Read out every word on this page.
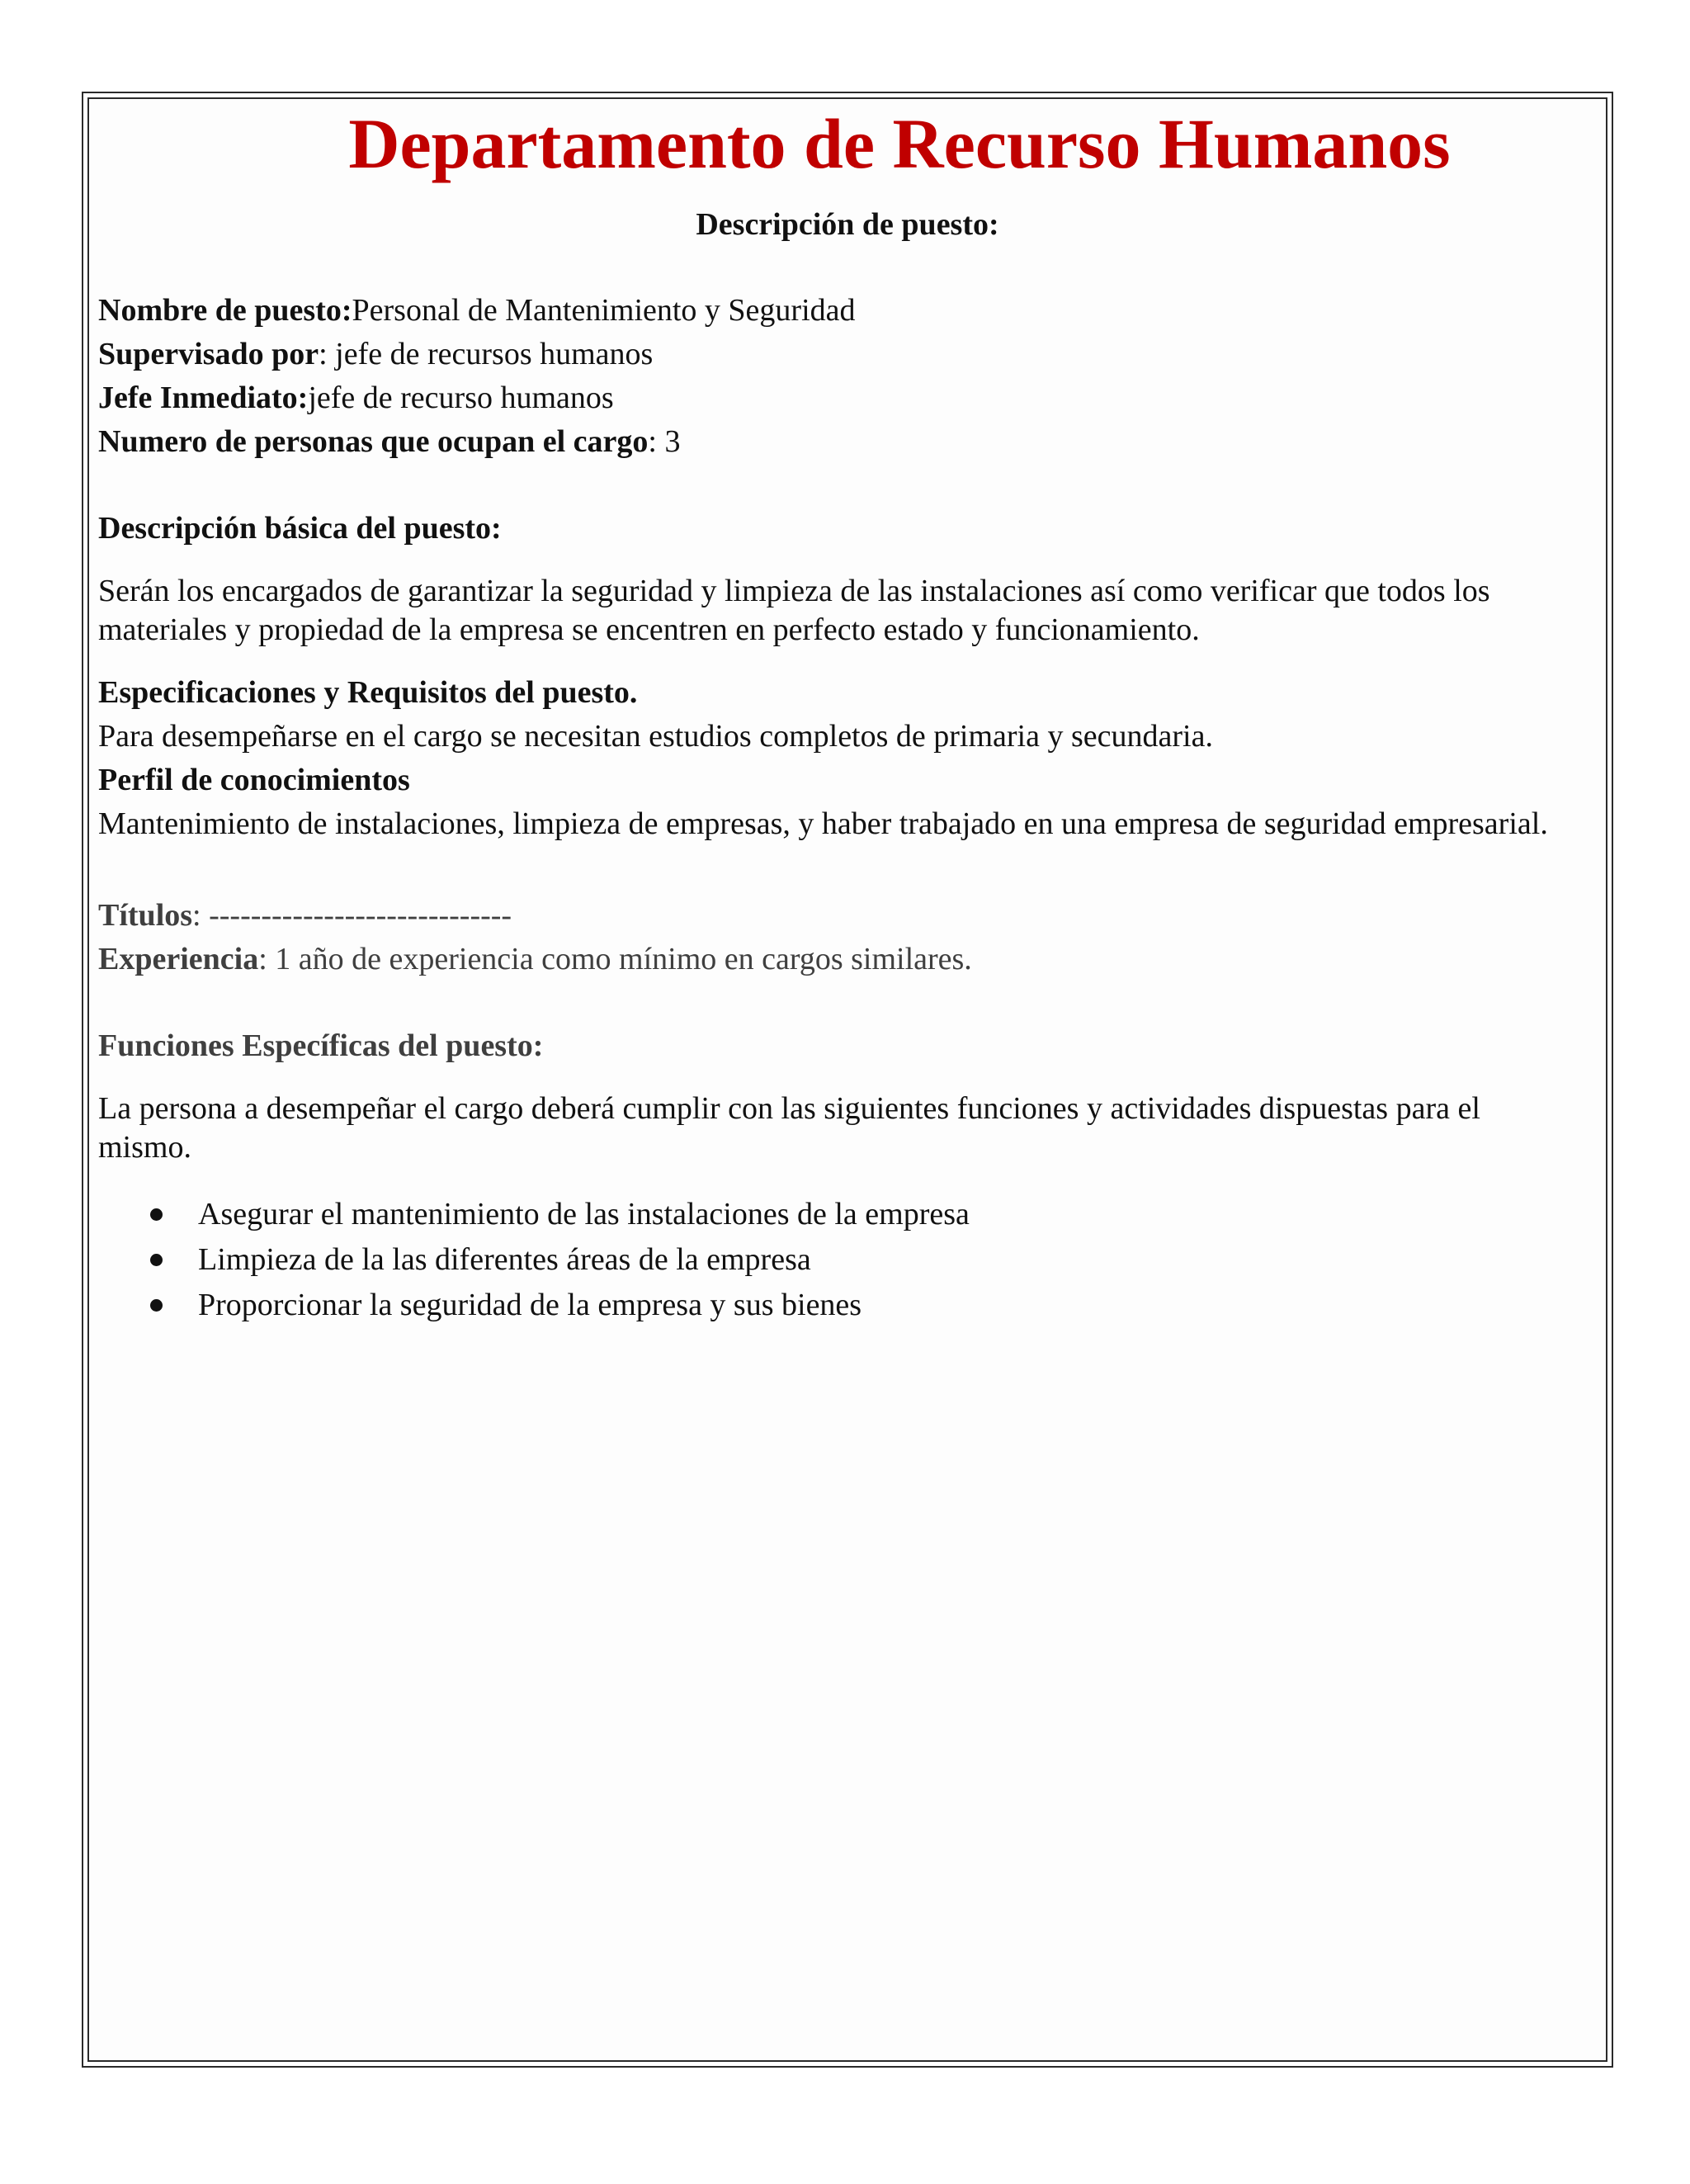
Departamento de Recurso Humanos
Descripción de puesto:

Nombre de puesto:Personal de Mantenimiento y Seguridad

Supervisado por: jefe de recursos humanos

Jefe Inmediato:jefe de recurso humanos

Numero de personas que ocupan el cargo: 3

Descripción básica del puesto:

Serán los encargados de garantizar la seguridad y limpieza de las instalaciones así como verificar que todos los materiales y propiedad de la empresa se encentren en perfecto estado y funcionamiento.

Especificaciones y Requisitos del puesto.

Para desempeñarse en el cargo se necesitan estudios completos de primaria y secundaria.

Perfil de conocimientos

Mantenimiento de instalaciones, limpieza de empresas, y haber trabajado en una empresa de seguridad empresarial.

Títulos: -----------------------------

Experiencia: 1 año de experiencia como mínimo en cargos similares.

Funciones Específicas del puesto:

La persona a desempeñar el cargo deberá cumplir con las siguientes funciones y actividades dispuestas para el mismo.

Asegurar el mantenimiento de las instalaciones de la empresa
Limpieza de la las diferentes áreas de la empresa
Proporcionar la seguridad de la empresa y sus bienes
